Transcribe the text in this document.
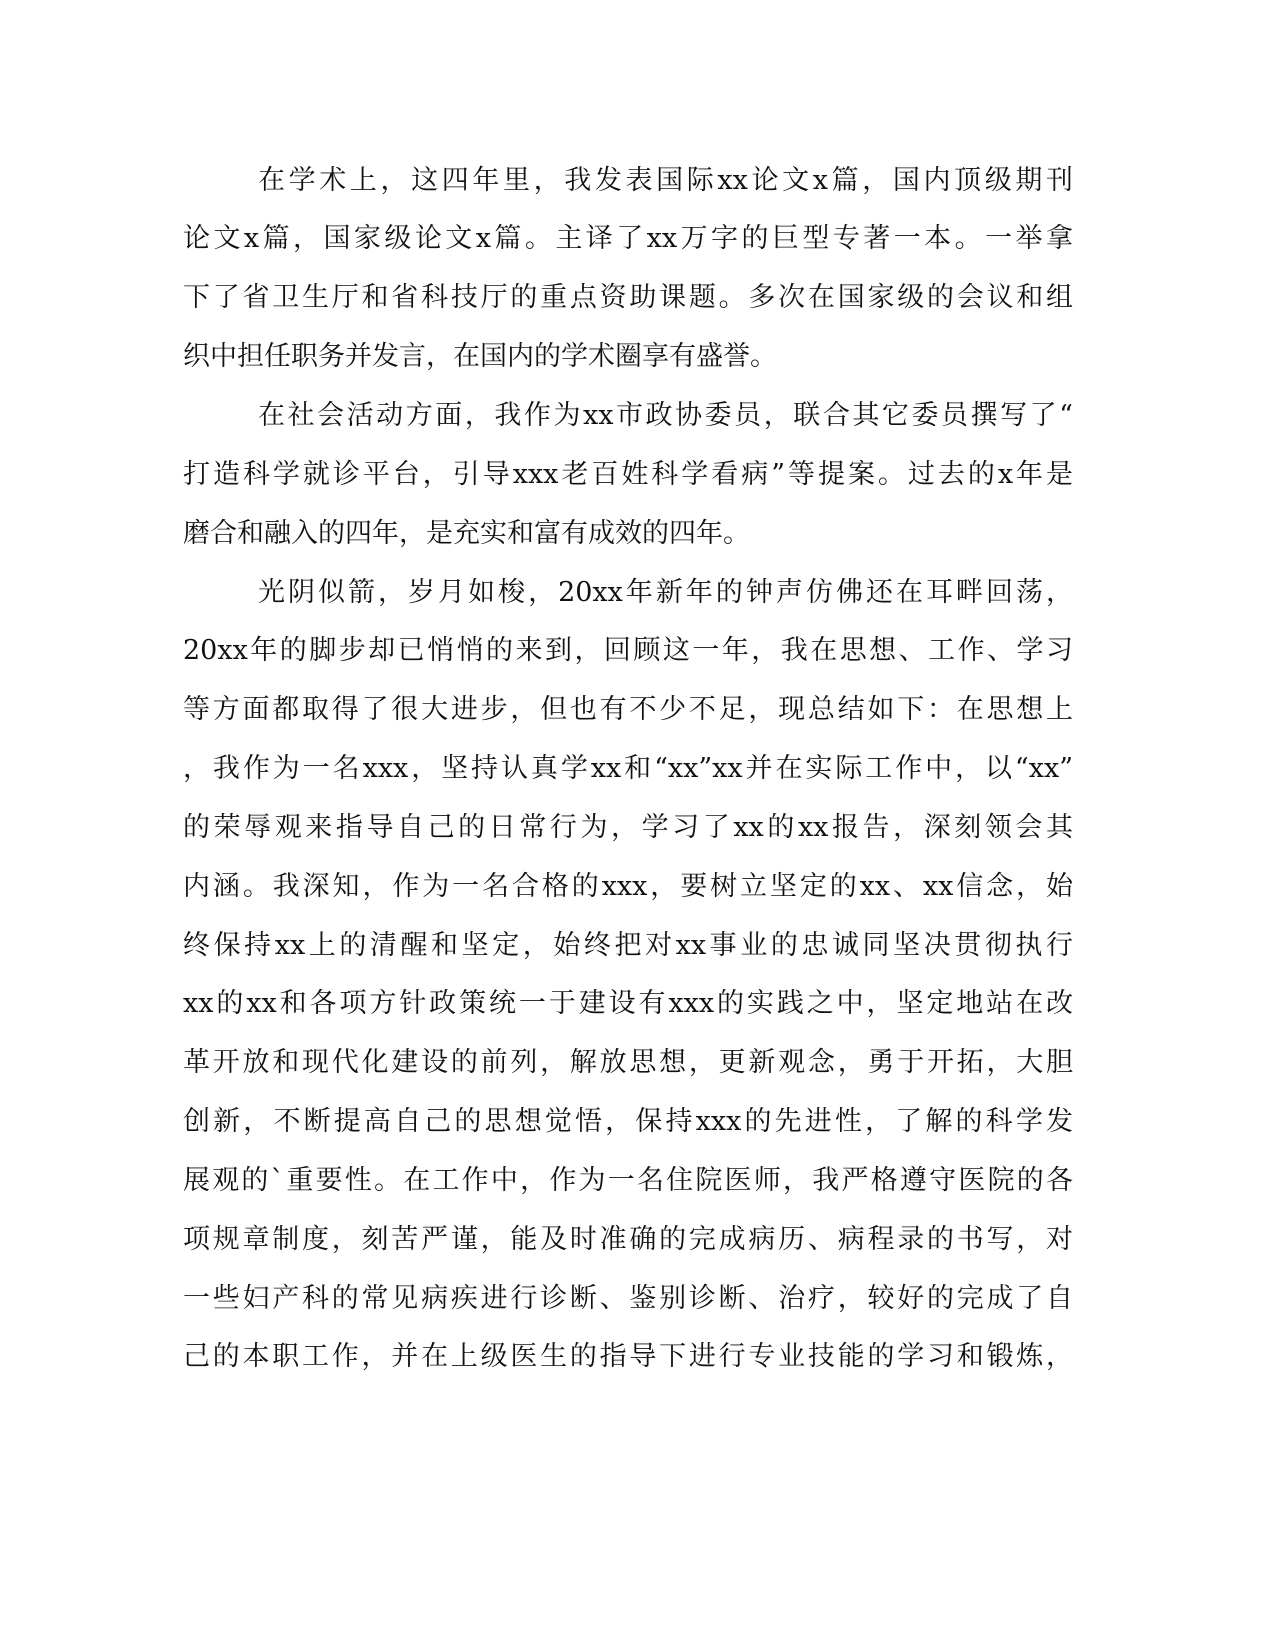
在学术上，这四年里，我发表国际xx论文x篇，国内顶级期刊
论文x篇，国家级论文x篇。主译了xx万字的巨型专著一本。一举拿
下了省卫生厅和省科技厅的重点资助课题。多次在国家级的会议和组
织中担任职务并发言，在国内的学术圈享有盛誉。
在社会活动方面，我作为xx市政协委员，联合其它委员撰写了“
打造科学就诊平台，引导xxx老百姓科学看病”等提案。过去的x年是
磨合和融入的四年，是充实和富有成效的四年。
光阴似箭，岁月如梭，20xx年新年的钟声仿佛还在耳畔回荡，
20xx年的脚步却已悄悄的来到，回顾这一年，我在思想、工作、学习
等方面都取得了很大进步，但也有不少不足，现总结如下：在思想上
，我作为一名xxx，坚持认真学xx和“xx”xx并在实际工作中，以“xx”
的荣辱观来指导自己的日常行为，学习了xx的xx报告，深刻领会其
内涵。我深知，作为一名合格的xxx，要树立坚定的xx、xx信念，始
终保持xx上的清醒和坚定，始终把对xx事业的忠诚同坚决贯彻执行
xx的xx和各项方针政策统一于建设有xxx的实践之中，坚定地站在改
革开放和现代化建设的前列，解放思想，更新观念，勇于开拓，大胆
创新，不断提高自己的思想觉悟，保持xxx的先进性，了解的科学发
展观的`重要性。在工作中，作为一名住院医师，我严格遵守医院的各
项规章制度，刻苦严谨，能及时准确的完成病历、病程录的书写，对
一些妇产科的常见病疾进行诊断、鉴别诊断、治疗，较好的完成了自
己的本职工作，并在上级医生的指导下进行专业技能的学习和锻炼，
